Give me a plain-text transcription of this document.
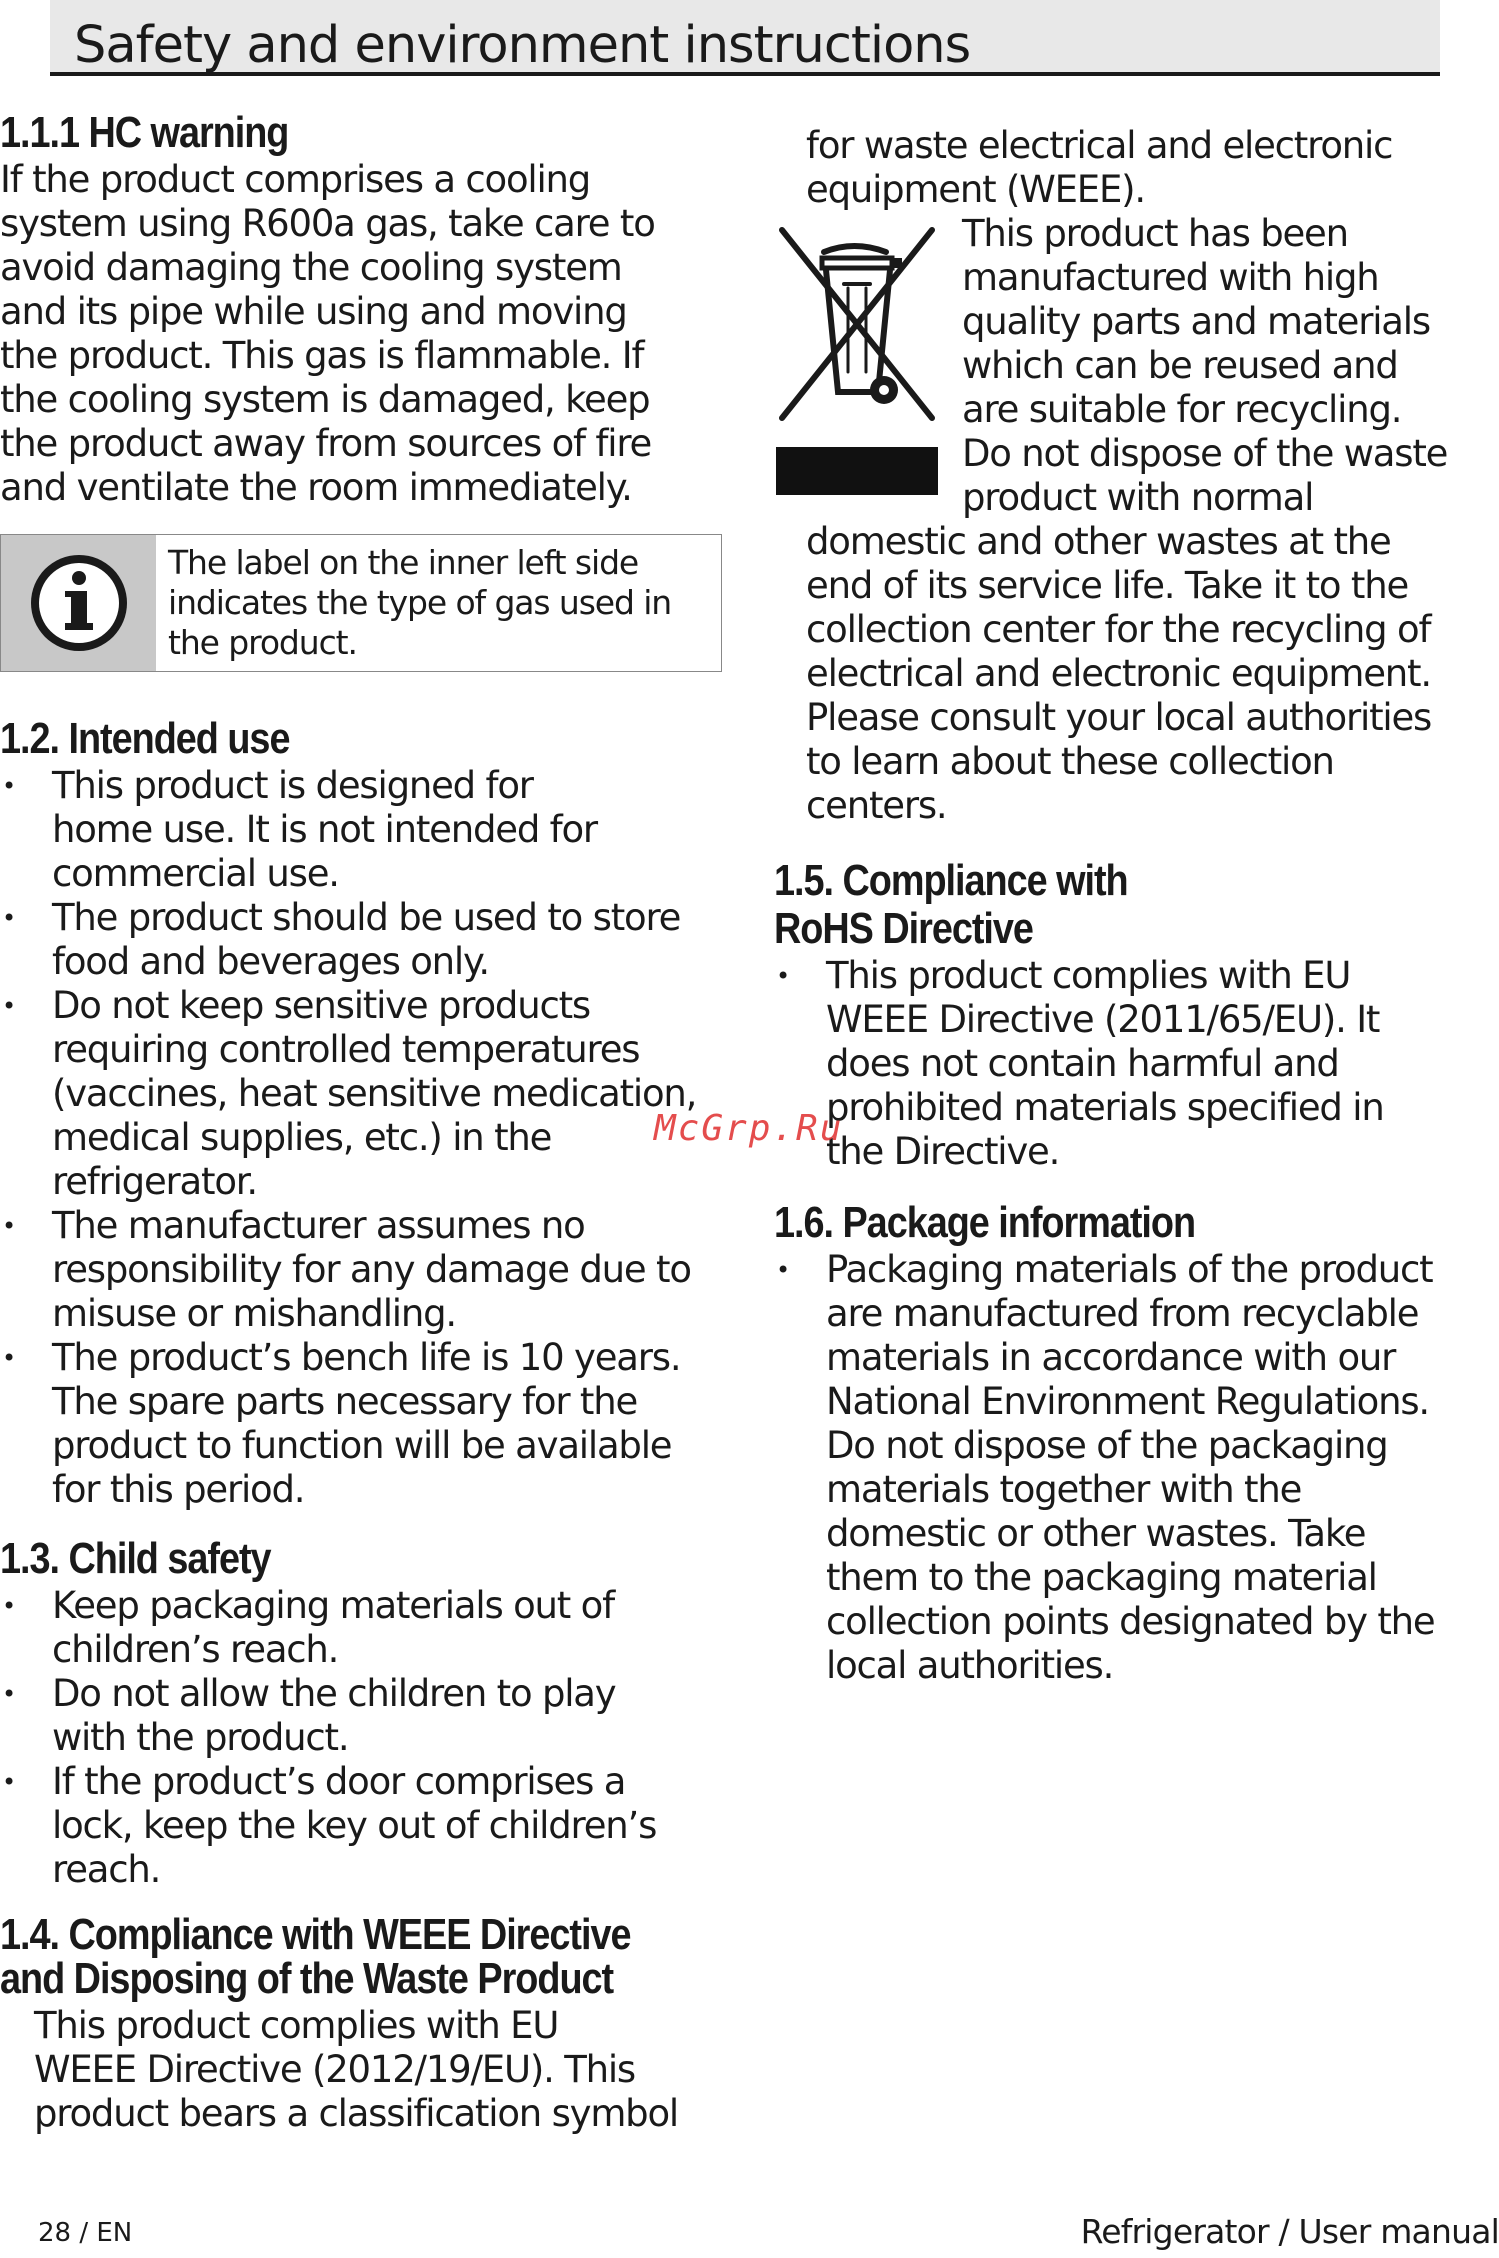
Safety and environment instructions
1.1.1 HC warning
If the product comprises a cooling
system using R600a gas, take care to
avoid damaging the cooling system
and its pipe while using and moving
the product. This gas is flammable. If
the cooling system is damaged, keep
the product away from sources of fire
and ventilate the room immediately.
The label on the inner left side
indicates the type of gas used in
the product.
1.2. Intended use
• This product is designed for
home use. It is not intended for
commercial use.
• The product should be used to store
food and beverages only.
• Do not keep sensitive products
requiring controlled temperatures
(vaccines, heat sensitive medication,
medical supplies, etc.) in the
refrigerator.
• The manufacturer assumes no
responsibility for any damage due to
misuse or mishandling.
• The product’s bench life is 10 years.
The spare parts necessary for the
product to function will be available
for this period.
1.3. Child safety
• Keep packaging materials out of
children’s reach.
• Do not allow the children to play
with the product.
• If the product’s door comprises a
lock, keep the key out of children’s
reach.
1.4. Compliance with WEEE Directive
and Disposing of the Waste Product
This product complies with EU
WEEE Directive (2012/19/EU). This
product bears a classification symbol
for waste electrical and electronic
equipment (WEEE).
This product has been
manufactured with high
quality parts and materials
which can be reused and
are suitable for recycling.
Do not dispose of the waste
product with normal
domestic and other wastes at the
end of its service life. Take it to the
collection center for the recycling of
electrical and electronic equipment.
Please consult your local authorities
to learn about these collection
centers.
1.5. Compliance with
RoHS Directive
• This product complies with EU
WEEE Directive (2011/65/EU). It
does not contain harmful and
prohibited materials specified in
the Directive.
1.6. Package information
• Packaging materials of the product
are manufactured from recyclable
materials in accordance with our
National Environment Regulations.
Do not dispose of the packaging
materials together with the
domestic or other wastes. Take
them to the packaging material
collection points designated by the
local authorities.
McGrp.Ru
28 / EN	Refrigerator / User manual
